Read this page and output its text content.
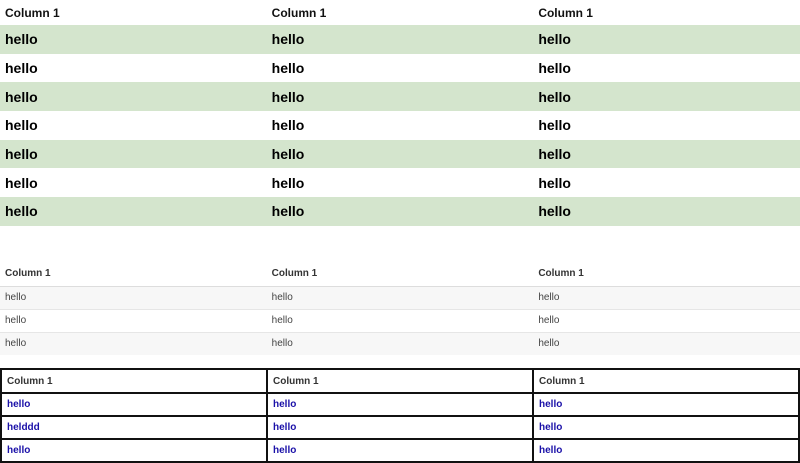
Column 1	Column 1	Column 1
hello	hello	hello
hello	hello	hello
hello	hello	hello
hello	hello	hello
hello	hello	hello
hello	hello	hello
hello	hello	hello
Column 1	Column 1	Column 1
hello	hello	hello
hello	hello	hello
hello	hello	hello
Column 1	Column 1	Column 1
hello	hello	hello
helddd	hello	hello
hello	hello	hello
